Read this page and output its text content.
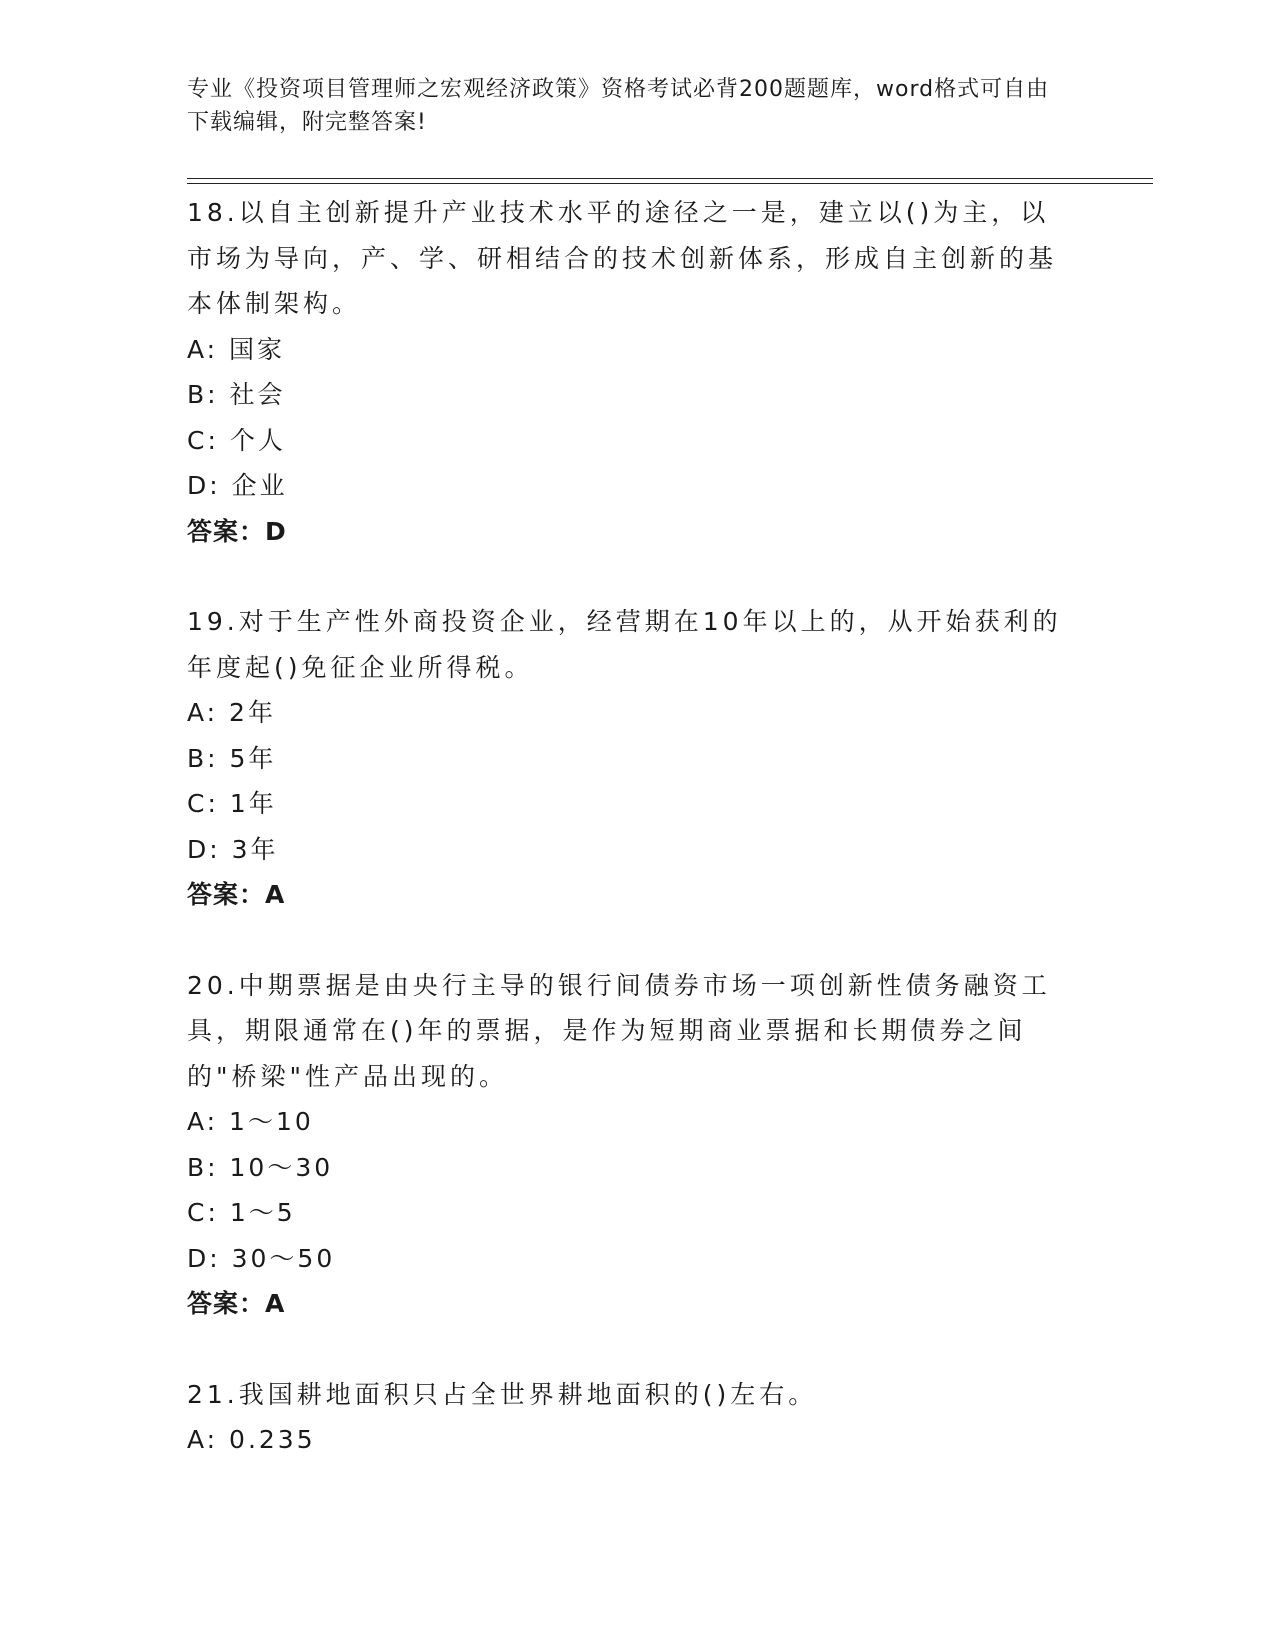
专业《投资项目管理师之宏观经济政策》资格考试必背200题题库，word格式可自由下载编辑，附完整答案!

18.以自主创新提升产业技术水平的途径之一是，建立以()为主，以市场为导向，产、学、研相结合的技术创新体系，形成自主创新的基本体制架构。

A: 国家

B: 社会

C: 个人

D: 企业

答案：D

19.对于生产性外商投资企业，经营期在10年以上的，从开始获利的年度起()免征企业所得税。

A: 2年

B: 5年

C: 1年

D: 3年

答案：A

20.中期票据是由央行主导的银行间债券市场一项创新性债务融资工具，期限通常在()年的票据，是作为短期商业票据和长期债券之间的"桥梁"性产品出现的。

A: 1～10

B: 10～30

C: 1～5

D: 30～50

答案：A

21.我国耕地面积只占全世界耕地面积的()左右。

A: 0.235
